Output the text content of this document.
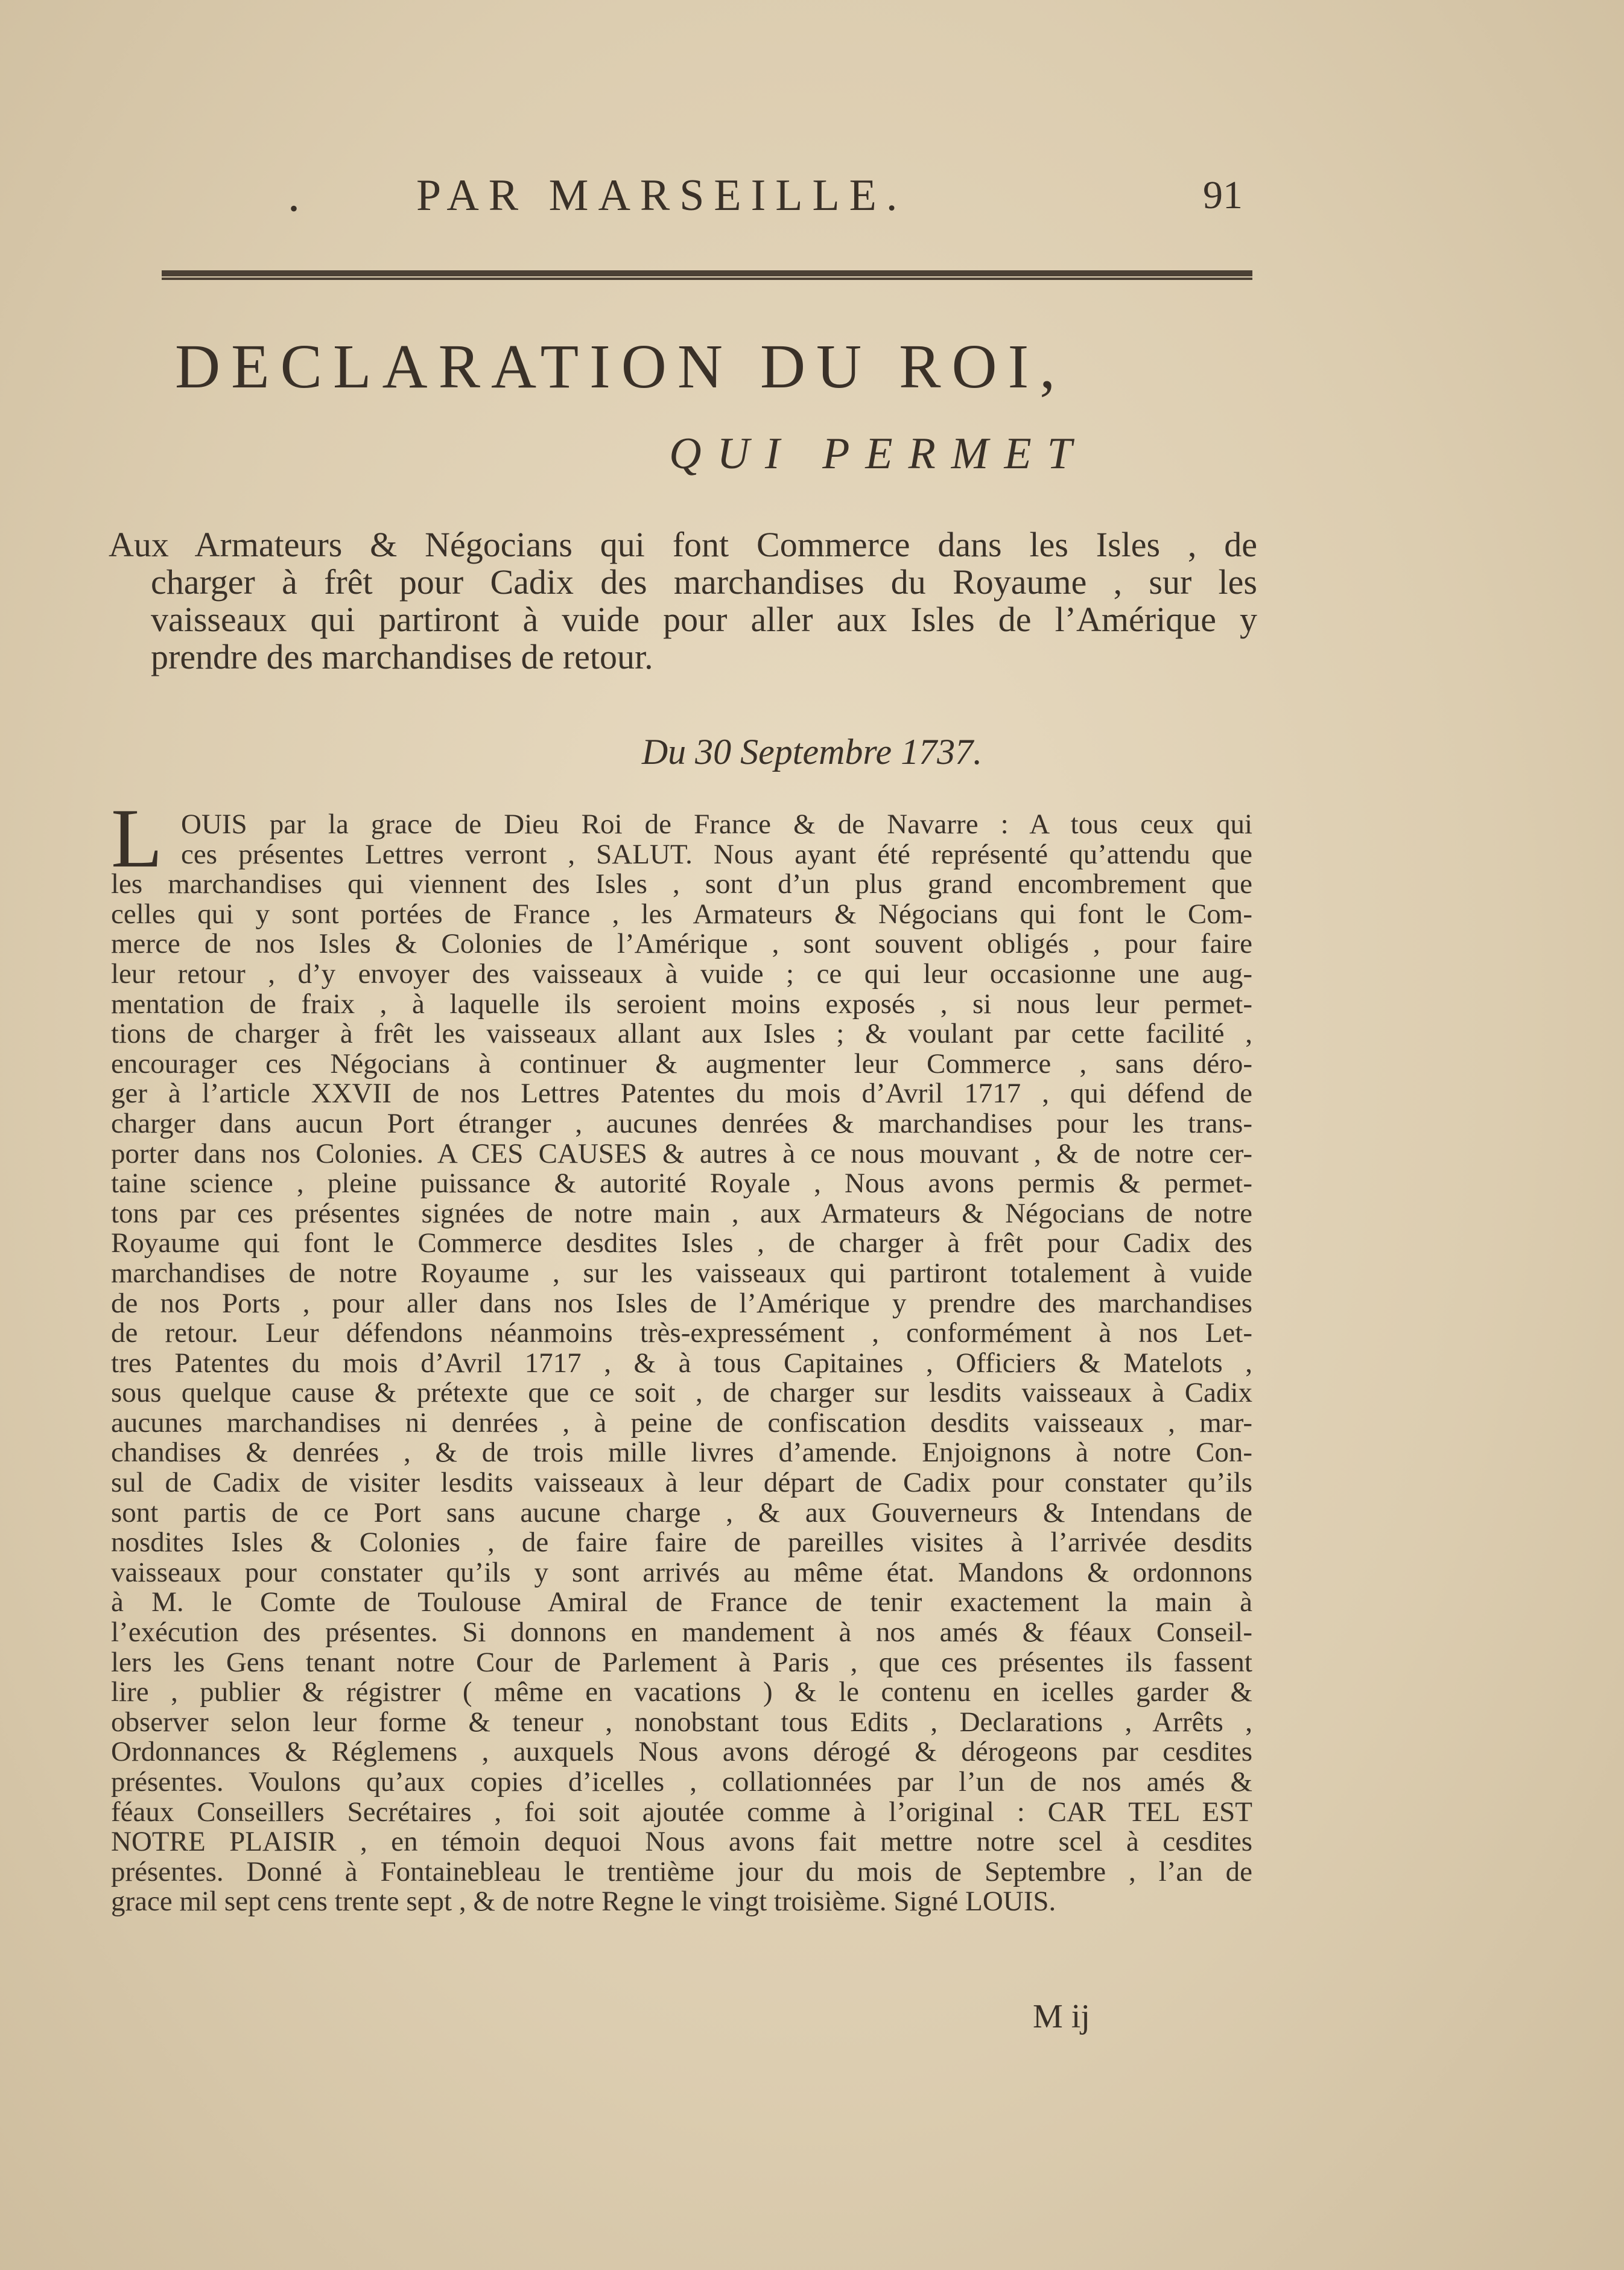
•	PAR MARSEILLE.	91
DECLARATION DU ROI,
QUI PERMET
Aux Armateurs & Négocians qui font Commerce dans les Isles , de
charger à frêt pour Cadix des marchandises du Royaume , sur les
vaisseaux qui partiront à vuide pour aller aux Isles de l’Amérique y
prendre des marchandises de retour.
Du 30 Septembre 1737.
L OUIS par la grace de Dieu Roi de France & de Navarre : A tous ceux qui
ces présentes Lettres verront , SALUT. Nous ayant été représenté qu’attendu que
les marchandises qui viennent des Isles , sont d’un plus grand encombrement que
celles qui y sont portées de France , les Armateurs & Négocians qui font le Com-
merce de nos Isles & Colonies de l’Amérique , sont souvent obligés , pour faire
leur retour , d’y envoyer des vaisseaux à vuide ; ce qui leur occasionne une aug-
mentation de fraix , à laquelle ils seroient moins exposés , si nous leur permet-
tions de charger à frêt les vaisseaux allant aux Isles ; & voulant par cette facilité ,
encourager ces Négocians à continuer & augmenter leur Commerce , sans déro-
ger à l’article XXVII de nos Lettres Patentes du mois d’Avril 1717 , qui défend de
charger dans aucun Port étranger , aucunes denrées & marchandises pour les trans-
porter dans nos Colonies. A CES CAUSES & autres à ce nous mouvant , & de notre cer-
taine science , pleine puissance & autorité Royale , Nous avons permis & permet-
tons par ces présentes signées de notre main , aux Armateurs & Négocians de notre
Royaume qui font le Commerce desdites Isles , de charger à frêt pour Cadix des
marchandises de notre Royaume , sur les vaisseaux qui partiront totalement à vuide
de nos Ports , pour aller dans nos Isles de l’Amérique y prendre des marchandises
de retour. Leur défendons néanmoins très-expressément , conformément à nos Let-
tres Patentes du mois d’Avril 1717 , & à tous Capitaines , Officiers & Matelots ,
sous quelque cause & prétexte que ce soit , de charger sur lesdits vaisseaux à Cadix
aucunes marchandises ni denrées , à peine de confiscation desdits vaisseaux , mar-
chandises & denrées , & de trois mille livres d’amende. Enjoignons à notre Con-
sul de Cadix de visiter lesdits vaisseaux à leur départ de Cadix pour constater qu’ils
sont partis de ce Port sans aucune charge , & aux Gouverneurs & Intendans de
nosdites Isles & Colonies , de faire faire de pareilles visites à l’arrivée desdits
vaisseaux pour constater qu’ils y sont arrivés au même état. Mandons & ordonnons
à M. le Comte de Toulouse Amiral de France de tenir exactement la main à
l’exécution des présentes. Si donnons en mandement à nos amés & féaux Conseil-
lers les Gens tenant notre Cour de Parlement à Paris , que ces présentes ils fassent
lire , publier & régistrer ( même en vacations ) & le contenu en icelles garder &
observer selon leur forme & teneur , nonobstant tous Edits , Declarations , Arrêts ,
Ordonnances & Réglemens , auxquels Nous avons dérogé & dérogeons par cesdites
présentes. Voulons qu’aux copies d’icelles , collationnées par l’un de nos amés &
féaux Conseillers Secrétaires , foi soit ajoutée comme à l’original : CAR TEL EST
NOTRE PLAISIR , en témoin dequoi Nous avons fait mettre notre scel à cesdites
présentes. Donné à Fontainebleau le trentième jour du mois de Septembre , l’an de
grace mil sept cens trente sept , & de notre Regne le vingt troisième. Signé LOUIS.
M ij
